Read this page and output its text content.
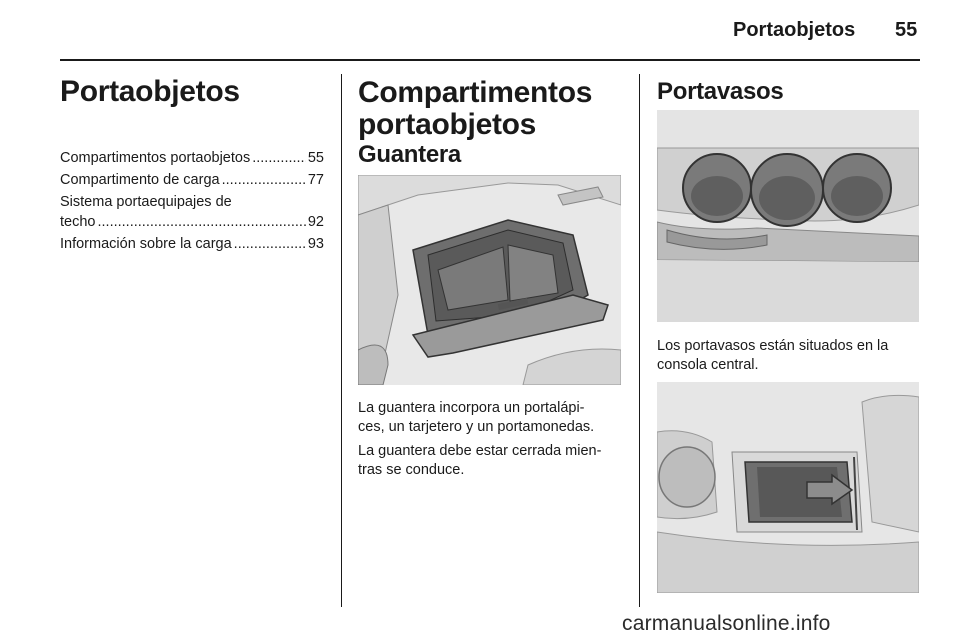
Portaobjetos 55
Portaobjetos
Compartimentos portaobjetos .....	55
Compartimento de carga .....	77
Sistema portaequipajes de
techo .....	92
Información sobre la carga .....	93
Compartimentos
portaobjetos
Guantera

La guantera incorpora un portalápi-
ces, un tarjetero y un portamonedas.

La guantera debe estar cerrada mien-
tras se conduce.

Portavasos

Los portavasos están situados en la
consola central.

carmanualsonline.info
